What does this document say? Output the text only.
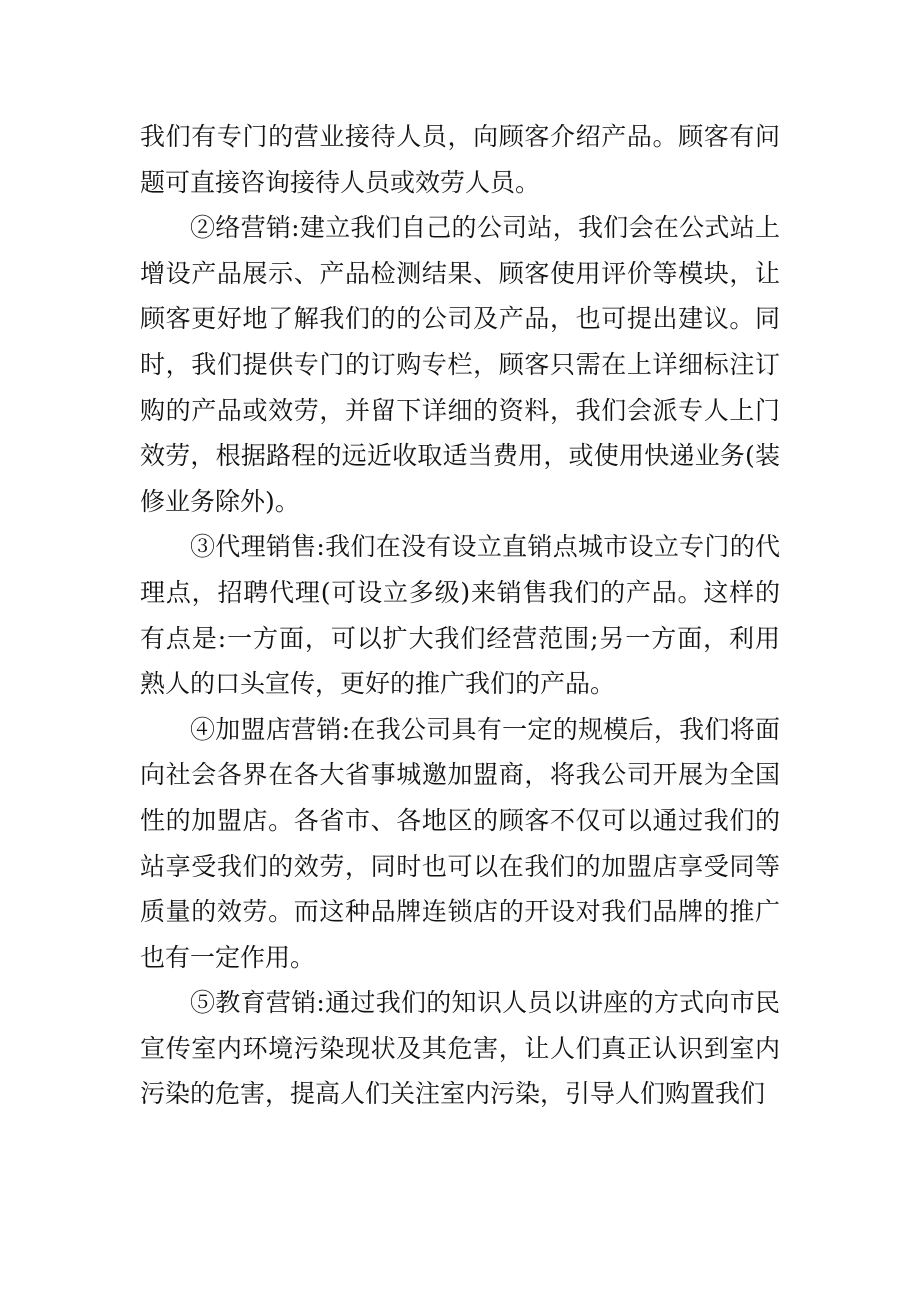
我们有专门的营业接待人员，向顾客介绍产品。顾客有问题可直接咨询接待人员或效劳人员。

②络营销:建立我们自己的公司站，我们会在公式站上增设产品展示、产品检测结果、顾客使用评价等模块，让顾客更好地了解我们的的公司及产品，也可提出建议。同时，我们提供专门的订购专栏，顾客只需在上详细标注订购的产品或效劳，并留下详细的资料，我们会派专人上门效劳，根据路程的远近收取适当费用，或使用快递业务(装修业务除外)。

③代理销售:我们在没有设立直销点城市设立专门的代理点，招聘代理(可设立多级)来销售我们的产品。这样的有点是:一方面，可以扩大我们经营范围;另一方面，利用熟人的口头宣传，更好的推广我们的产品。

④加盟店营销:在我公司具有一定的规模后，我们将面向社会各界在各大省事城邀加盟商，将我公司开展为全国性的加盟店。各省市、各地区的顾客不仅可以通过我们的站享受我们的效劳，同时也可以在我们的加盟店享受同等质量的效劳。而这种品牌连锁店的开设对我们品牌的推广也有一定作用。

⑤教育营销:通过我们的知识人员以讲座的方式向市民宣传室内环境污染现状及其危害，让人们真正认识到室内污染的危害，提高人们关注室内污染，引导人们购置我们
